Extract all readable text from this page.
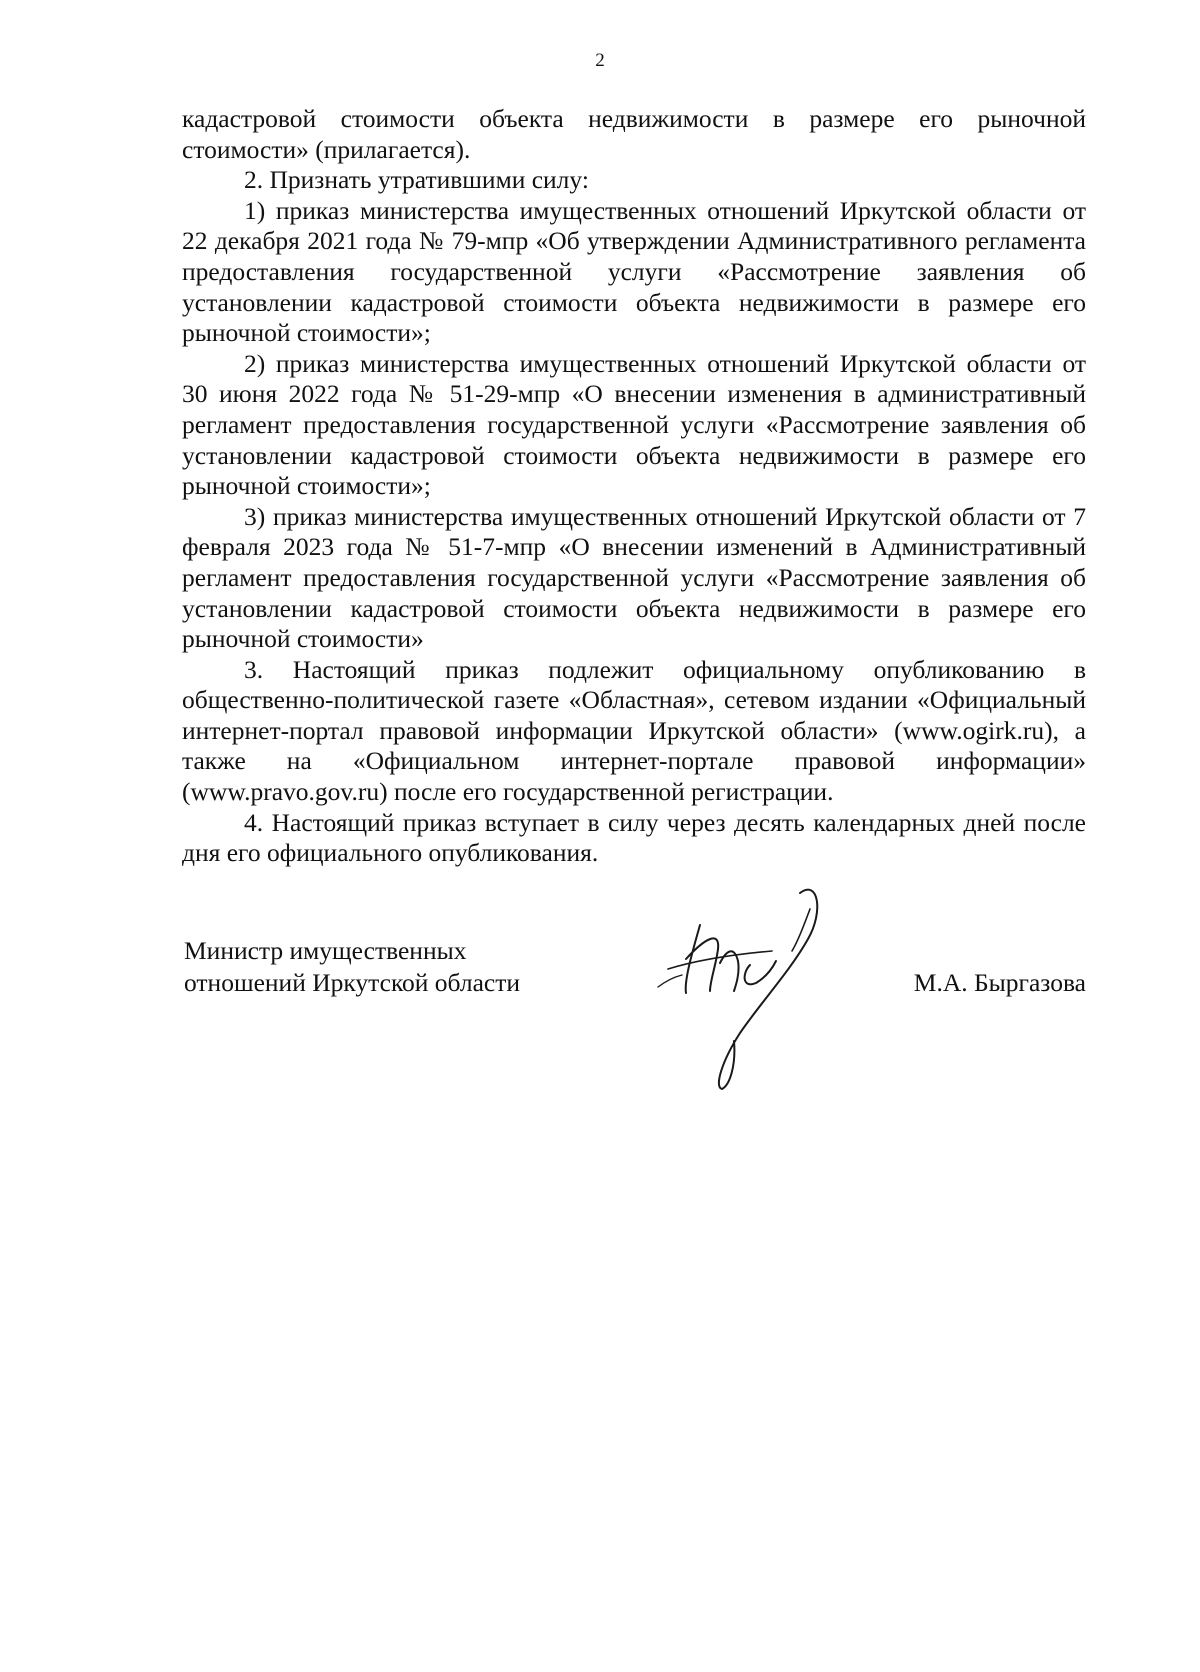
2

кадастровой стоимости объекта недвижимости в размере его рыночной стоимости» (прилагается).

2. Признать утратившими силу:

1) приказ министерства имущественных отношений Иркутской области от 22 декабря 2021 года № 79-мпр «Об утверждении Административного регламента предоставления государственной услуги «Рассмотрение заявления об установлении кадастровой стоимости объекта недвижимости в размере его рыночной стоимости»;

2) приказ министерства имущественных отношений Иркутской области от 30 июня 2022 года № 51-29-мпр «О внесении изменения в административный регламент предоставления государственной услуги «Рассмотрение заявления об установлении кадастровой стоимости объекта недвижимости в размере его рыночной стоимости»;

3) приказ министерства имущественных отношений Иркутской области от 7 февраля 2023 года № 51-7-мпр «О внесении изменений в Административный регламент предоставления государственной услуги «Рассмотрение заявления об установлении кадастровой стоимости объекта недвижимости в размере его рыночной стоимости»

3. Настоящий приказ подлежит официальному опубликованию в общественно-политической газете «Областная», сетевом издании «Официальный интернет-портал правовой информации Иркутской области» (www.ogirk.ru), а также на «Официальном интернет-портале правовой информации» (www.pravo.gov.ru) после его государственной регистрации.

4. Настоящий приказ вступает в силу через десять календарных дней после дня его официального опубликования.

Министр имущественных
отношений Иркутской области	М.А. Быргазова
